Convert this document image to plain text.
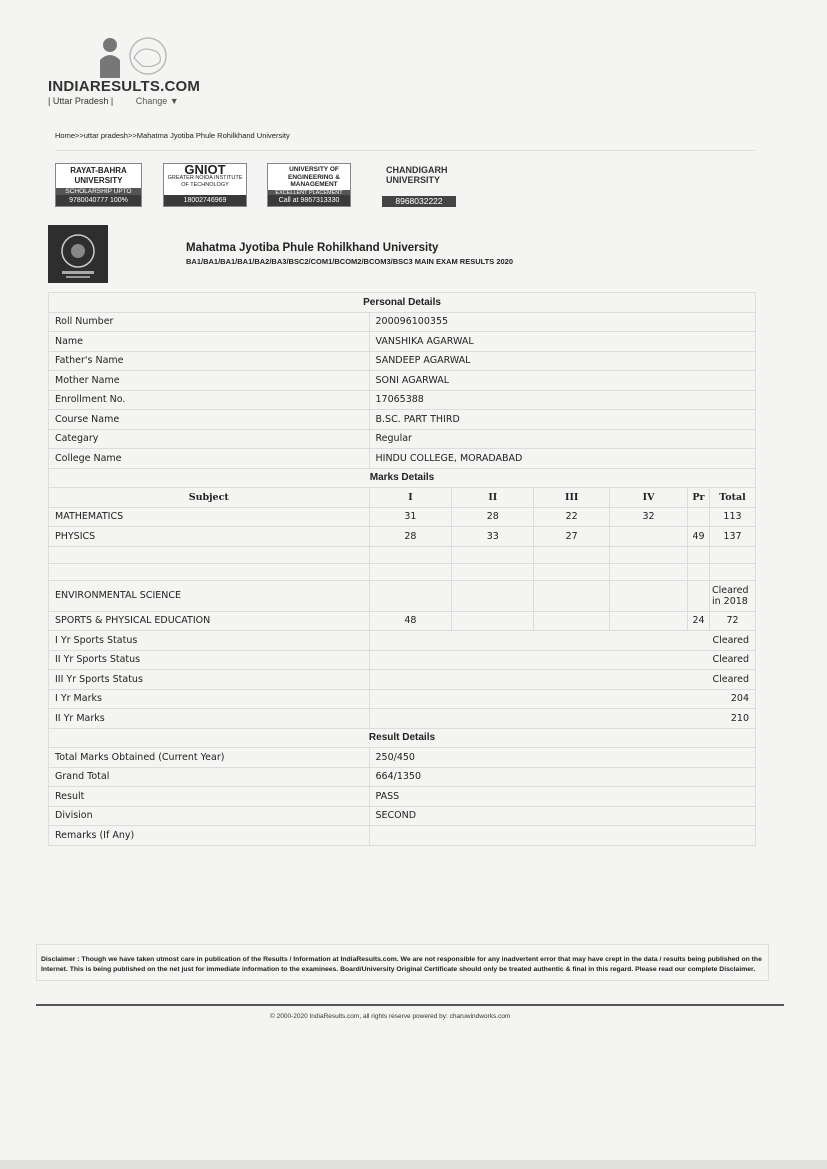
INDIARESULTS.COM
| Uttar Pradesh |	Change ▼
Home>>uttar pradesh>>Mahatma Jyotiba Phule Rohilkhand University
RAYAT-BAHRA UNIVERSITY
SCHOLARSHIP UPTO
9780040777 100%
GNIOT
GREATER NOIDA INSTITUTE OF TECHNOLOGY
18002746969
UNIVERSITY OF ENGINEERING & MANAGEMENT
EXCELLENT PLACEMENT
Call at 9867313330
CHANDIGARH UNIVERSITY
8968032222
Mahatma Jyotiba Phule Rohilkhand University
BA1/BA1/BA1/BA1/BA2/BA3/BSC2/COM1/BCOM2/BCOM3/BSC3 MAIN EXAM RESULTS 2020
Personal Details						
Roll Number	200096100355					
Name	VANSHIKA AGARWAL					
Father's Name	SANDEEP AGARWAL					
Mother Name	SONI AGARWAL					
Enrollment No.	17065388					
Course Name	B.SC. PART THIRD					
Categary	Regular					
College Name	HINDU COLLEGE, MORADABAD					
Marks Details						
Subject	I	II	III	IV	Pr	Total
MATHEMATICS	31	28	22	32		113
PHYSICS	28	33	27		49	137

ENVIRONMENTAL SCIENCE						Cleared in 2018
SPORTS & PHYSICAL EDUCATION	48				24	72
I Yr Sports Status	Cleared					
II Yr Sports Status	Cleared					
III Yr Sports Status	Cleared					
I Yr Marks	204					
II Yr Marks	210					
Result Details						
Total Marks Obtained (Current Year)	250/450					
Grand Total	664/1350					
Result	PASS					
Division	SECOND					
Remarks (If Any)						
Disclaimer : Though we have taken utmost care in publication of the Results / Information at IndiaResults.com. We are not responsible for any inadvertent error that may have crept in the data / results being published on the Internet. This is being published on the net just for immediate information to the examinees. Board/University Original Certificate should only be treated authentic & final in this regard. Please read our complete Disclaimer.
© 2000-2020 IndiaResults.com, all rights reserve powered by: charuwindworks.com
